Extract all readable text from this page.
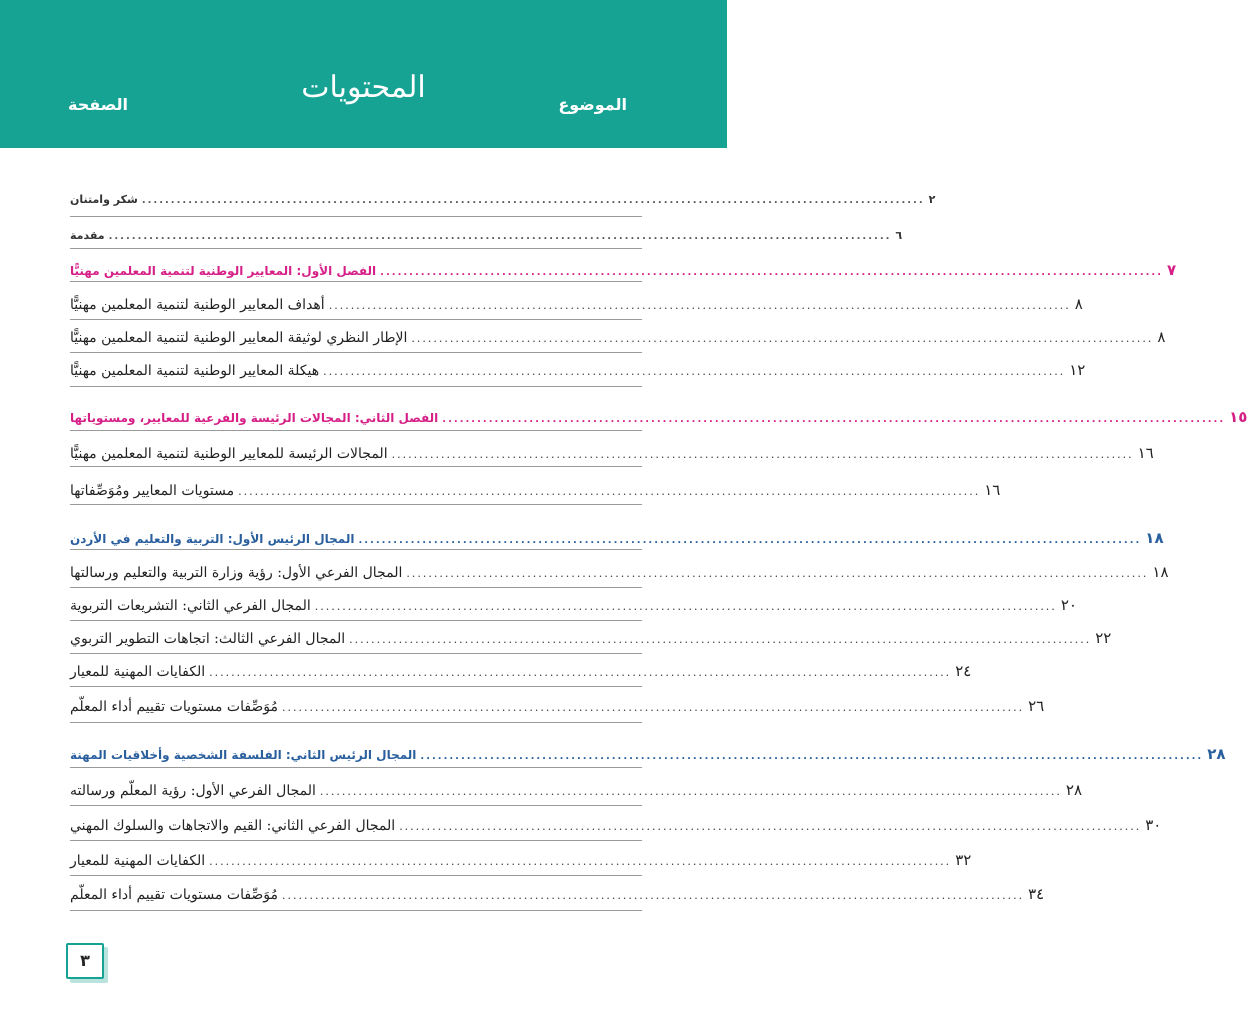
الموضوع
المحتويات
الصفحة
شكر وامتنان ....................................................................................................................................... ٢
مقدمة ....................................................................................................................................... ٦
الفصل الأول: المعايير الوطنية لتنمية المعلمين مهنيًّا ....................................................................................................................................... ٧
أهداف المعايير الوطنية لتنمية المعلمين مهنيًّا ....................................................................................................................................... ٨
الإطار النظري لوثيقة المعايير الوطنية لتنمية المعلمين مهنيًّا ....................................................................................................................................... ٨
هيكلة المعايير الوطنية لتنمية المعلمين مهنيًّا ....................................................................................................................................... ١٢
الفصل الثاني: المجالات الرئيسة والفرعية للمعايير، ومستوياتها ....................................................................................................................................... ١٥
المجالات الرئيسة للمعايير الوطنية لتنمية المعلمين مهنيًّا ....................................................................................................................................... ١٦
مستويات المعايير ومُوَصِّفاتها ....................................................................................................................................... ١٦
المجال الرئيس الأول: التربية والتعليم في الأردن ....................................................................................................................................... ١٨
المجال الفرعي الأول: رؤية وزارة التربية والتعليم ورسالتها ....................................................................................................................................... ١٨
المجال الفرعي الثاني: التشريعات التربوية ....................................................................................................................................... ٢٠
المجال الفرعي الثالث: اتجاهات التطوير التربوي ....................................................................................................................................... ٢٢
الكفايات المهنية للمعيار ....................................................................................................................................... ٢٤
مُوَصِّفات مستويات تقييم أداء المعلّم ....................................................................................................................................... ٢٦
المجال الرئيس الثاني: الفلسفة الشخصية وأخلاقيات المهنة ....................................................................................................................................... ٢٨
المجال الفرعي الأول: رؤية المعلّم ورسالته ....................................................................................................................................... ٢٨
المجال الفرعي الثاني: القيم والاتجاهات والسلوك المهني ....................................................................................................................................... ٣٠
الكفايات المهنية للمعيار ....................................................................................................................................... ٣٢
مُوَصِّفات مستويات تقييم أداء المعلّم ....................................................................................................................................... ٣٤
٣
